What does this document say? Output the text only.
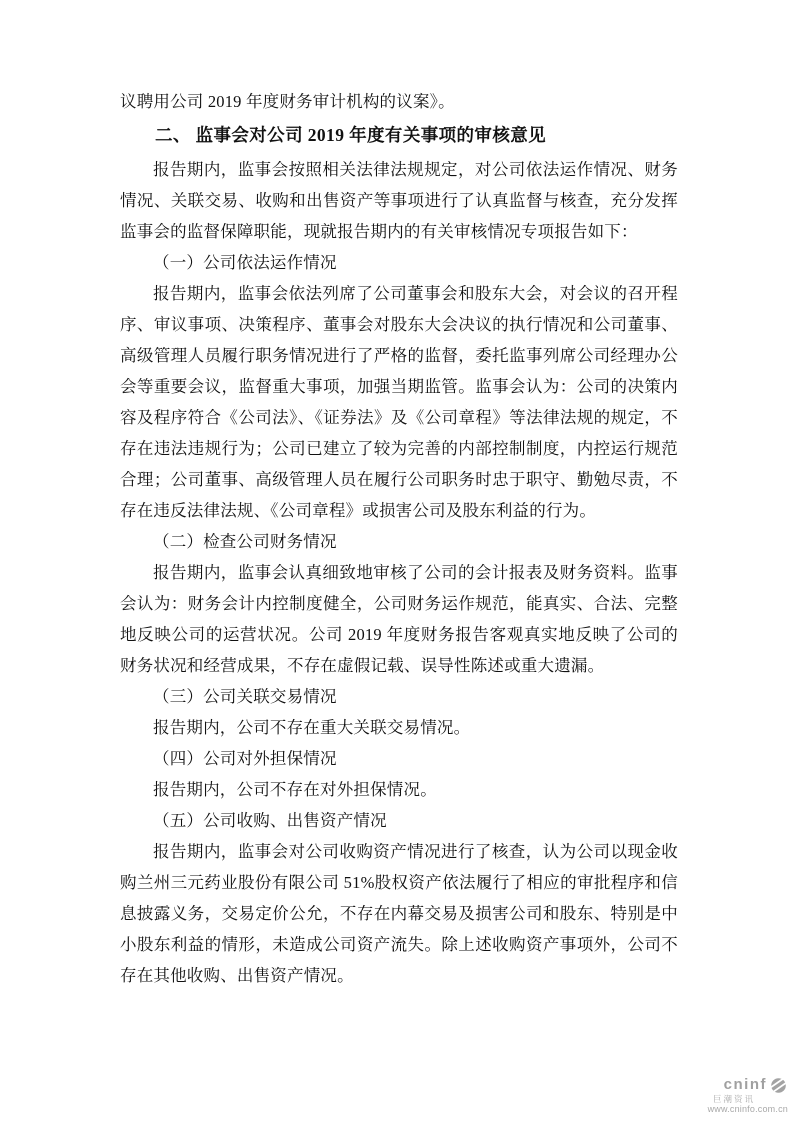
议聘用公司 2019 年度财务审计机构的议案》。

二、 监事会对公司 2019 年度有关事项的审核意见

报告期内，监事会按照相关法律法规规定，对公司依法运作情况、财务情况、关联交易、收购和出售资产等事项进行了认真监督与核查，充分发挥监事会的监督保障职能，现就报告期内的有关审核情况专项报告如下：

（一）公司依法运作情况

报告期内，监事会依法列席了公司董事会和股东大会，对会议的召开程序、审议事项、决策程序、董事会对股东大会决议的执行情况和公司董事、高级管理人员履行职务情况进行了严格的监督，委托监事列席公司经理办公会等重要会议，监督重大事项，加强当期监管。监事会认为：公司的决策内容及程序符合《公司法》、《证券法》及《公司章程》等法律法规的规定，不存在违法违规行为；公司已建立了较为完善的内部控制制度，内控运行规范合理；公司董事、高级管理人员在履行公司职务时忠于职守、勤勉尽责，不存在违反法律法规、《公司章程》或损害公司及股东利益的行为。

（二）检查公司财务情况

报告期内，监事会认真细致地审核了公司的会计报表及财务资料。监事会认为：财务会计内控制度健全，公司财务运作规范，能真实、合法、完整地反映公司的运营状况。公司 2019 年度财务报告客观真实地反映了公司的财务状况和经营成果，不存在虚假记载、误导性陈述或重大遗漏。

（三）公司关联交易情况

报告期内，公司不存在重大关联交易情况。

（四）公司对外担保情况

报告期内，公司不存在对外担保情况。

（五）公司收购、出售资产情况

报告期内，监事会对公司收购资产情况进行了核查，认为公司以现金收购兰州三元药业股份有限公司 51%股权资产依法履行了相应的审批程序和信息披露义务，交易定价公允，不存在内幕交易及损害公司和股东、特别是中小股东利益的情形，未造成公司资产流失。除上述收购资产事项外，公司不存在其他收购、出售资产情况。

cninf
巨潮资讯
www.cninfo.com.cn
